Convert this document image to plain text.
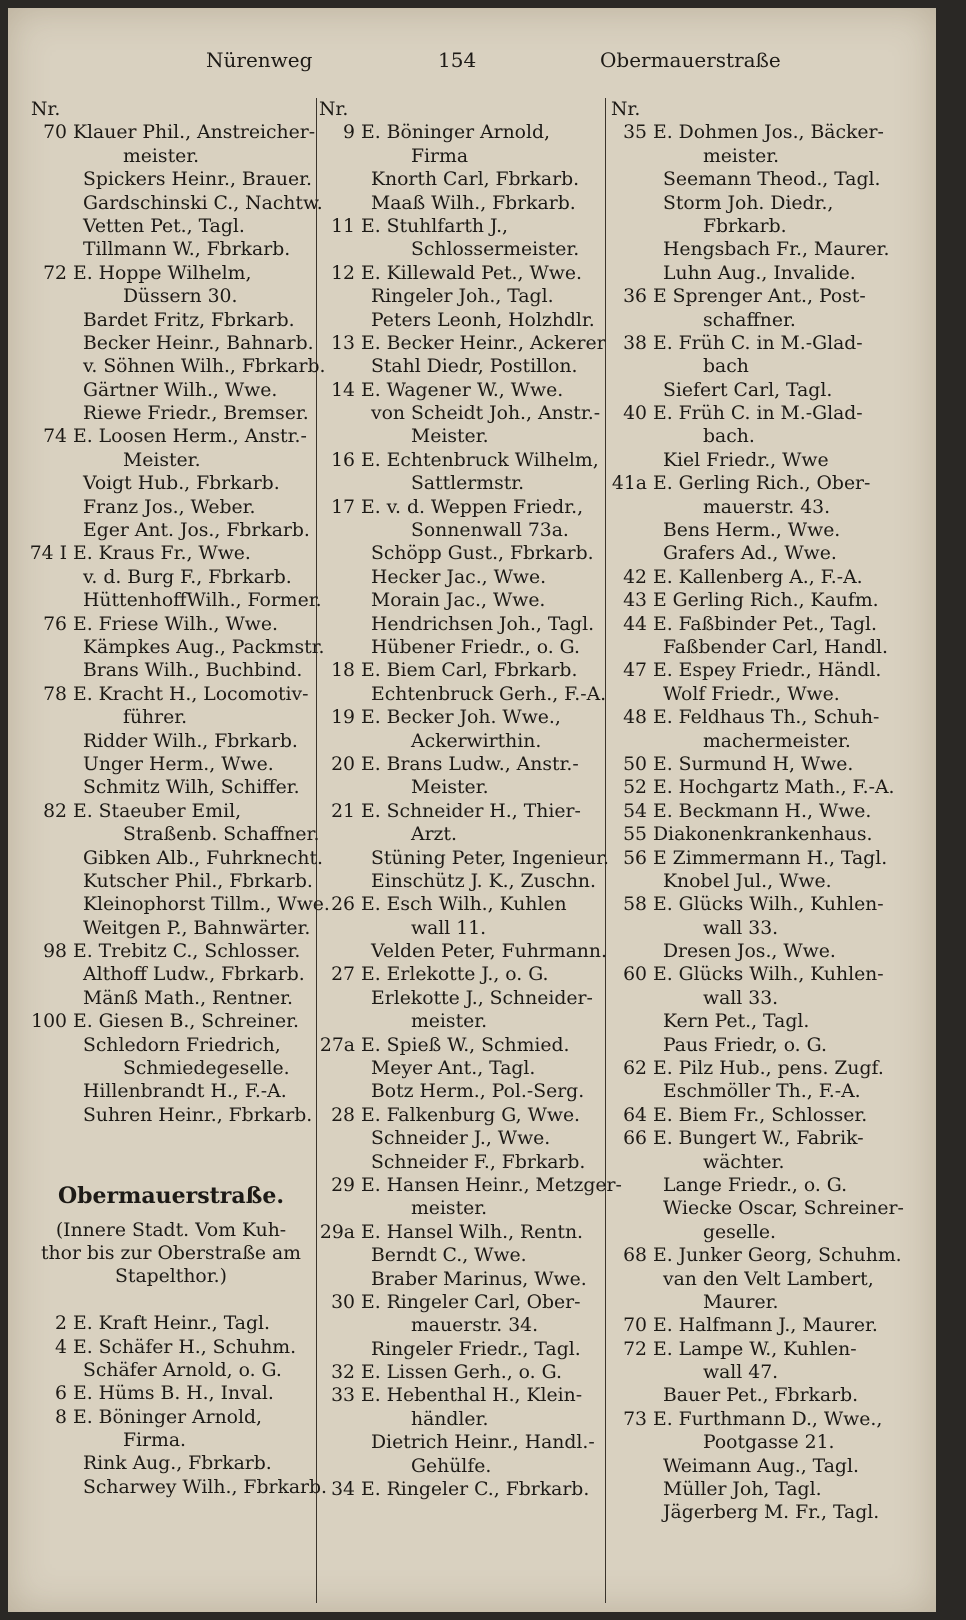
Nürenweg	154	Obermauerstraße
Nr.
70 Klauer Phil., Anstreicher-
meister.
Spickers Heinr., Brauer.
Gardschinski C., Nachtw.
Vetten Pet., Tagl.
Tillmann W., Fbrkarb.
72 E. Hoppe Wilhelm,
Düssern 30.
Bardet Fritz, Fbrkarb.
Becker Heinr., Bahnarb.
v. Söhnen Wilh., Fbrkarb.
Gärtner Wilh., Wwe.
Riewe Friedr., Bremser.
74 E. Loosen Herm., Anstr.-
Meister.
Voigt Hub., Fbrkarb.
Franz Jos., Weber.
Eger Ant. Jos., Fbrkarb.
74 I E. Kraus Fr., Wwe.
v. d. Burg F., Fbrkarb.
HüttenhoffWilh., Former.
76 E. Friese Wilh., Wwe.
Kämpkes Aug., Packmstr.
Brans Wilh., Buchbind.
78 E. Kracht H., Locomotiv-
führer.
Ridder Wilh., Fbrkarb.
Unger Herm., Wwe.
Schmitz Wilh, Schiffer.
82 E. Staeuber Emil,
Straßenb. Schaffner.
Gibken Alb., Fuhrknecht.
Kutscher Phil., Fbrkarb.
Kleinophorst Tillm., Wwe.
Weitgen P., Bahnwärter.
98 E. Trebitz C., Schlosser.
Althoff Ludw., Fbrkarb.
Mänß Math., Rentner.
100 E. Giesen B., Schreiner.
Schledorn Friedrich,
Schmiedegeselle.
Hillenbrandt H., F.-A.
Suhren Heinr., Fbrkarb.
Obermauerstraße.
(Innere Stadt. Vom Kuh-
thor bis zur Oberstraße am
Stapelthor.)
2 E. Kraft Heinr., Tagl.
4 E. Schäfer H., Schuhm.
Schäfer Arnold, o. G.
6 E. Hüms B. H., Inval.
8 E. Böninger Arnold,
Firma.
Rink Aug., Fbrkarb.
Scharwey Wilh., Fbrkarb.
Nr.
9 E. Böninger Arnold,
Firma
Knorth Carl, Fbrkarb.
Maaß Wilh., Fbrkarb.
11 E. Stuhlfarth J.,
Schlossermeister.
12 E. Killewald Pet., Wwe.
Ringeler Joh., Tagl.
Peters Leonh, Holzhdlr.
13 E. Becker Heinr., Ackerer
Stahl Diedr, Postillon.
14 E. Wagener W., Wwe.
von Scheidt Joh., Anstr.-
Meister.
16 E. Echtenbruck Wilhelm,
Sattlermstr.
17 E. v. d. Weppen Friedr.,
Sonnenwall 73a.
Schöpp Gust., Fbrkarb.
Hecker Jac., Wwe.
Morain Jac., Wwe.
Hendrichsen Joh., Tagl.
Hübener Friedr., o. G.
18 E. Biem Carl, Fbrkarb.
Echtenbruck Gerh., F.-A.
19 E. Becker Joh. Wwe.,
Ackerwirthin.
20 E. Brans Ludw., Anstr.-
Meister.
21 E. Schneider H., Thier-
Arzt.
Stüning Peter, Ingenieur.
Einschütz J. K., Zuschn.
26 E. Esch Wilh., Kuhlen
wall 11.
Velden Peter, Fuhrmann.
27 E. Erlekotte J., o. G.
Erlekotte J., Schneider-
meister.
27a E. Spieß W., Schmied.
Meyer Ant., Tagl.
Botz Herm., Pol.-Serg.
28 E. Falkenburg G, Wwe.
Schneider J., Wwe.
Schneider F., Fbrkarb.
29 E. Hansen Heinr., Metzger-
meister.
29a E. Hansel Wilh., Rentn.
Berndt C., Wwe.
Braber Marinus, Wwe.
30 E. Ringeler Carl, Ober-
mauerstr. 34.
Ringeler Friedr., Tagl.
32 E. Lissen Gerh., o. G.
33 E. Hebenthal H., Klein-
händler.
Dietrich Heinr., Handl.-
Gehülfe.
34 E. Ringeler C., Fbrkarb.
Nr.
35 E. Dohmen Jos., Bäcker-
meister.
Seemann Theod., Tagl.
Storm Joh. Diedr.,
Fbrkarb.
Hengsbach Fr., Maurer.
Luhn Aug., Invalide.
36 E Sprenger Ant., Post-
schaffner.
38 E. Früh C. in M.-Glad-
bach
Siefert Carl, Tagl.
40 E. Früh C. in M.-Glad-
bach.
Kiel Friedr., Wwe
41a E. Gerling Rich., Ober-
mauerstr. 43.
Bens Herm., Wwe.
Grafers Ad., Wwe.
42 E. Kallenberg A., F.-A.
43 E Gerling Rich., Kaufm.
44 E. Faßbinder Pet., Tagl.
Faßbender Carl, Handl.
47 E. Espey Friedr., Händl.
Wolf Friedr., Wwe.
48 E. Feldhaus Th., Schuh-
machermeister.
50 E. Surmund H, Wwe.
52 E. Hochgartz Math., F.-A.
54 E. Beckmann H., Wwe.
55 Diakonenkrankenhaus.
56 E Zimmermann H., Tagl.
Knobel Jul., Wwe.
58 E. Glücks Wilh., Kuhlen-
wall 33.
Dresen Jos., Wwe.
60 E. Glücks Wilh., Kuhlen-
wall 33.
Kern Pet., Tagl.
Paus Friedr, o. G.
62 E. Pilz Hub., pens. Zugf.
Eschmöller Th., F.-A.
64 E. Biem Fr., Schlosser.
66 E. Bungert W., Fabrik-
wächter.
Lange Friedr., o. G.
Wiecke Oscar, Schreiner-
geselle.
68 E. Junker Georg, Schuhm.
van den Velt Lambert,
Maurer.
70 E. Halfmann J., Maurer.
72 E. Lampe W., Kuhlen-
wall 47.
Bauer Pet., Fbrkarb.
73 E. Furthmann D., Wwe.,
Pootgasse 21.
Weimann Aug., Tagl.
Müller Joh, Tagl.
Jägerberg M. Fr., Tagl.
